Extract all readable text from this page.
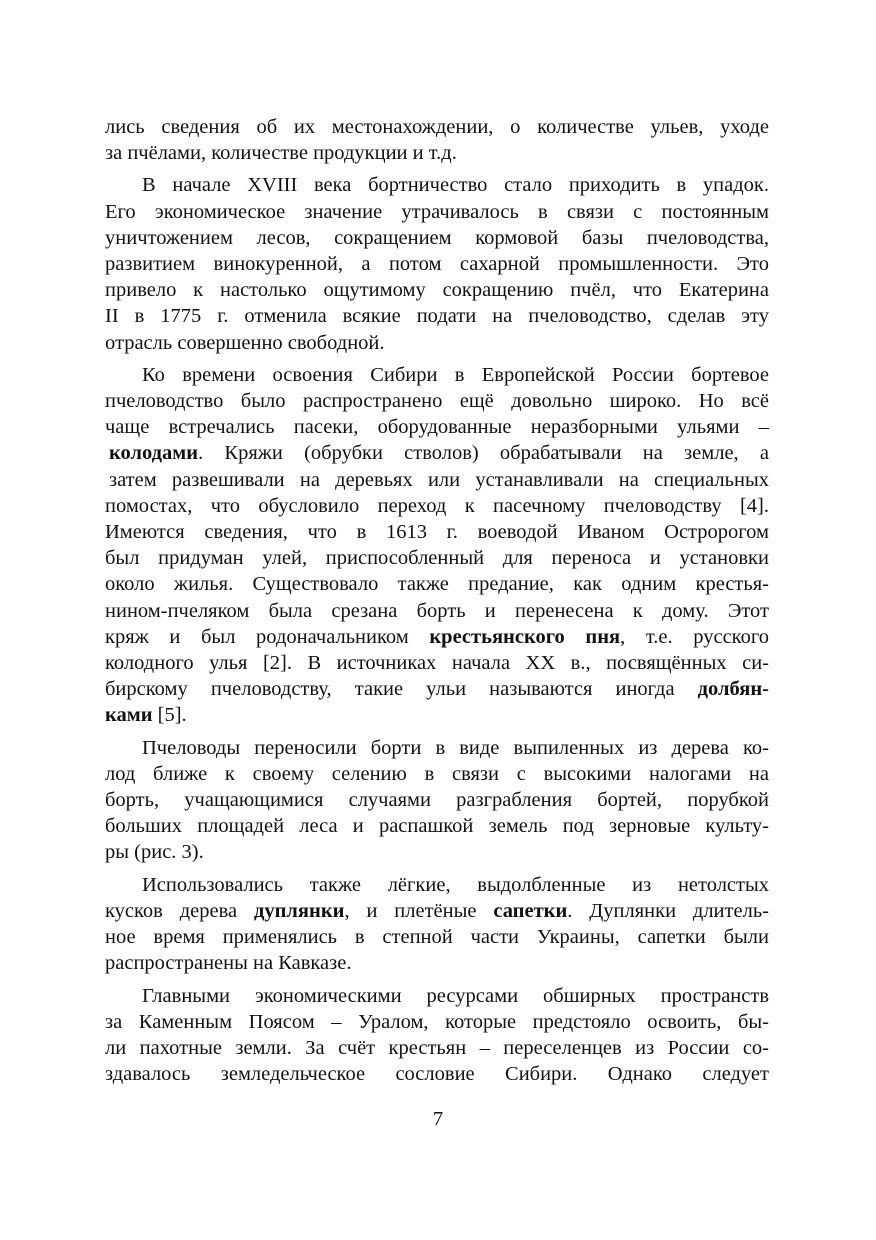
лись сведения об их местонахождении, о количестве ульев, уходе
за пчёлами, количестве продукции и т.д.

В начале XVIII века бортничество стало приходить в упадок.
Его экономическое значение утрачивалось в связи с постоянным
уничтожением лесов, сокращением кормовой базы пчеловодства,
развитием винокуренной, а потом сахарной промышленности. Это
привело к настолько ощутимому сокращению пчёл, что Екатерина
II в 1775 г. отменила всякие подати на пчеловодство, сделав эту
отрасль совершенно свободной.

Ко времени освоения Сибири в Европейской России бортевое
пчеловодство было распространено ещё довольно широко. Но всё
чаще встречались пасеки, оборудованные неразборными ульями –
колодами. Кряжи (обрубки стволов) обрабатывали на земле, а
затем развешивали на деревьях или устанавливали на специальных
помостах, что обусловило переход к пасечному пчеловодству [4].
Имеются сведения, что в 1613 г. воеводой Иваном Остророгом
был придуман улей, приспособленный для переноса и установки
около жилья. Существовало также предание, как одним крестья-
нином-пчеляком была срезана борть и перенесена к дому. Этот
кряж и был родоначальником крестьянского пня, т.е. русского
колодного улья [2]. В источниках начала ХХ в., посвящённых си-
бирскому пчеловодству, такие ульи называются иногда долбян-
ками [5].

Пчеловоды переносили борти в виде выпиленных из дерева ко-
лод ближе к своему селению в связи с высокими налогами на
борть, учащающимися случаями разграбления бортей, порубкой
больших площадей леса и распашкой земель под зерновые культу-
ры (рис. 3).

Использовались также лёгкие, выдолбленные из нетолстых
кусков дерева дуплянки, и плетёные сапетки. Дуплянки длитель-
ное время применялись в степной части Украины, сапетки были
распространены на Кавказе.

Главными экономическими ресурсами обширных пространств
за Каменным Поясом – Уралом, которые предстояло освоить, бы-
ли пахотные земли. За счёт крестьян – переселенцев из России со-
здавалось земледельческое сословие Сибири. Однако следует

7
